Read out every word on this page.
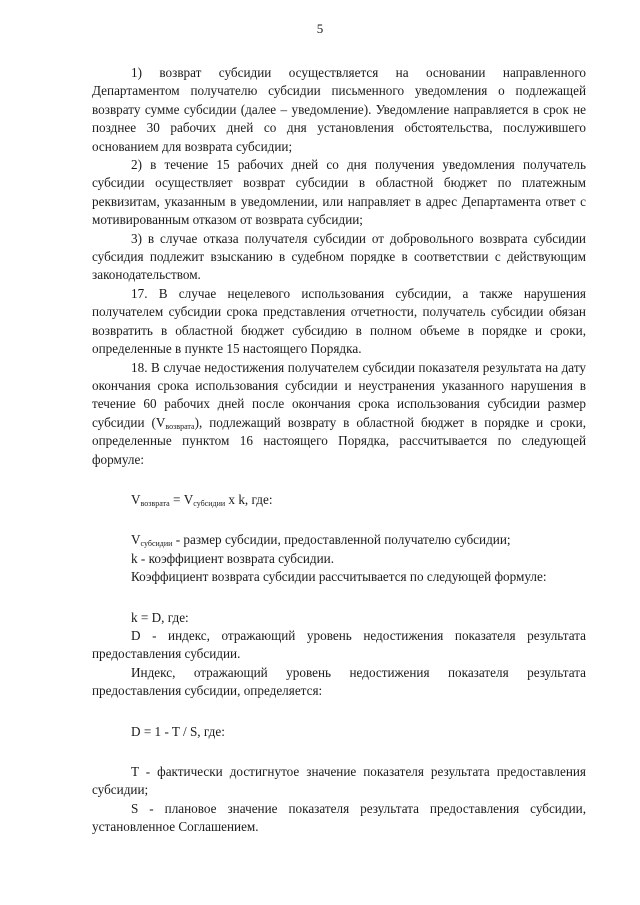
5

1) возврат субсидии осуществляется на основании направленного Департаментом получателю субсидии письменного уведомления о подлежащей возврату сумме субсидии (далее – уведомление). Уведомление направляется в срок не позднее 30 рабочих дней со дня установления обстоятельства, послужившего основанием для возврата субсидии;

2) в течение 15 рабочих дней со дня получения уведомления получатель субсидии осуществляет возврат субсидии в областной бюджет по платежным реквизитам, указанным в уведомлении, или направляет в адрес Департамента ответ с мотивированным отказом от возврата субсидии;

3) в случае отказа получателя субсидии от добровольного возврата субсидии субсидия подлежит взысканию в судебном порядке в соответствии с действующим законодательством.

17. В случае нецелевого использования субсидии, а также нарушения получателем субсидии срока представления отчетности, получатель субсидии обязан возвратить в областной бюджет субсидию в полном объеме в порядке и сроки, определенные в пункте 15 настоящего Порядка.

18. В случае недостижения получателем субсидии показателя результата на дату окончания срока использования субсидии и неустранения указанного нарушения в течение 60 рабочих дней после окончания срока использования субсидии размер субсидии $(V_{возврата})$, подлежащий возврату в областной бюджет в порядке и сроки, определенные пунктом 16 настоящего Порядка, рассчитывается по следующей формуле:

$V_{возврата} = V_{субсидии}$ x k, где:

$V_{субсидии}$ - размер субсидии, предоставленной получателю субсидии;

k - коэффициент возврата субсидии.

Коэффициент возврата субсидии рассчитывается по следующей формуле:

k = D, где:

D - индекс, отражающий уровень недостижения показателя результата предоставления субсидии.

Индекс, отражающий уровень недостижения показателя результата предоставления субсидии, определяется:

D = 1 - T / S, где:

T - фактически достигнутое значение показателя результата предоставления субсидии;

S - плановое значение показателя результата предоставления субсидии, установленное Соглашением.
